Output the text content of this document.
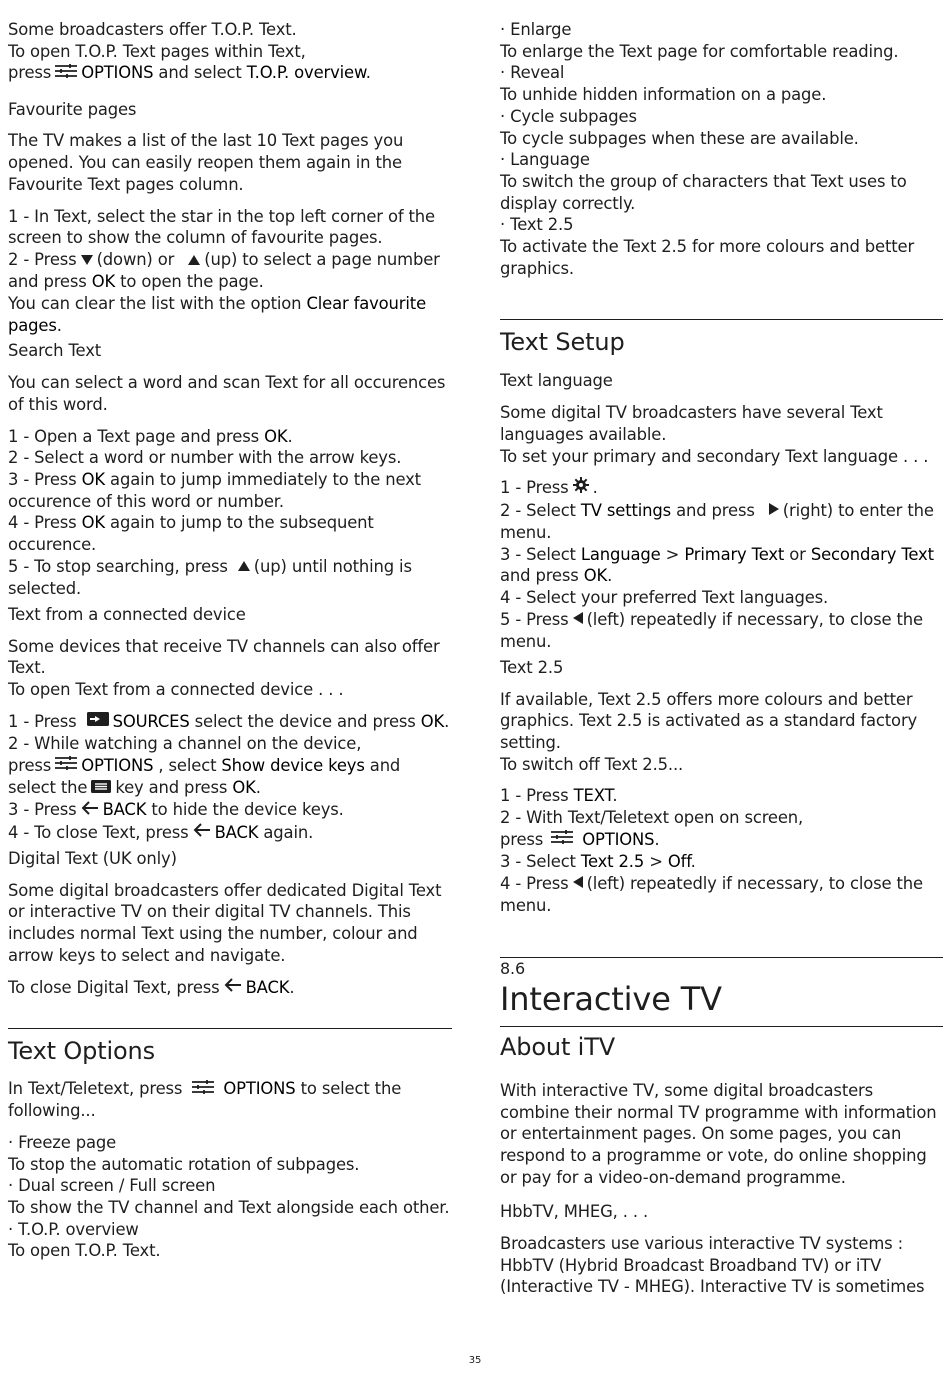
Some broadcasters offer T.O.P. Text.

To open T.O.P. Text pages within Text,

press OPTIONS and select T.O.P. overview.

Favourite pages

The TV makes a list of the last 10 Text pages you opened. You can easily reopen them again in the Favourite Text pages column.

1 - In Text, select the star in the top left corner of the screen to show the column of favourite pages.

2 - Press (down) or (up) to select a page number and press OK to open the page.

You can clear the list with the option Clear favourite pages.

Search Text

You can select a word and scan Text for all occurences of this word.

1 - Open a Text page and press OK.

2 - Select a word or number with the arrow keys.

3 - Press OK again to jump immediately to the next occurence of this word or number.

4 - Press OK again to jump to the subsequent occurence.

5 - To stop searching, press (up) until nothing is selected.

Text from a connected device

Some devices that receive TV channels can also offer Text.

To open Text from a connected device . . .

1 - Press SOURCES select the device and press OK.

2 - While watching a channel on the device,
press OPTIONS , select Show device keys and select the key and press OK.

3 - Press BACK to hide the device keys.

4 - To close Text, press BACK again.

Digital Text (UK only)

Some digital broadcasters offer dedicated Digital Text or interactive TV on their digital TV channels. This includes normal Text using the number, colour and arrow keys to select and navigate.

To close Digital Text, press BACK.

Text Options

In Text/Teletext, press	OPTIONS to select the following...

· Freeze page

To stop the automatic rotation of subpages.

· Dual screen / Full screen

To show the TV channel and Text alongside each other.

· T.O.P. overview

To open T.O.P. Text.

· Enlarge

To enlarge the Text page for comfortable reading.

· Reveal

To unhide hidden information on a page.

· Cycle subpages

To cycle subpages when these are available.

· Language

To switch the group of characters that Text uses to display correctly.

· Text 2.5

To activate the Text 2.5 for more colours and better graphics.

Text Setup
Text language

Some digital TV broadcasters have several Text languages available.

To set your primary and secondary Text language . . .

1 - Press .

2 - Select TV settings and press (right) to enter the menu.

3 - Select Language > Primary Text or Secondary Text and press OK.

4 - Select your preferred Text languages.

5 - Press (left) repeatedly if necessary, to close the menu.

Text 2.5

If available, Text 2.5 offers more colours and better graphics. Text 2.5 is activated as a standard factory setting.

To switch off Text 2.5...

1 - Press TEXT.

2 - With Text/Teletext open on screen,
press OPTIONS.

3 - Select Text 2.5 > Off.

4 - Press (left) repeatedly if necessary, to close the menu.

8.6
Interactive TV
About iTV

With interactive TV, some digital broadcasters combine their normal TV programme with information or entertainment pages. On some pages, you can respond to a programme or vote, do online shopping or pay for a video-on-demand programme.

HbbTV, MHEG, . . .

Broadcasters use various interactive TV systems : HbbTV (Hybrid Broadcast Broadband TV) or iTV (Interactive TV - MHEG). Interactive TV is sometimes

35
